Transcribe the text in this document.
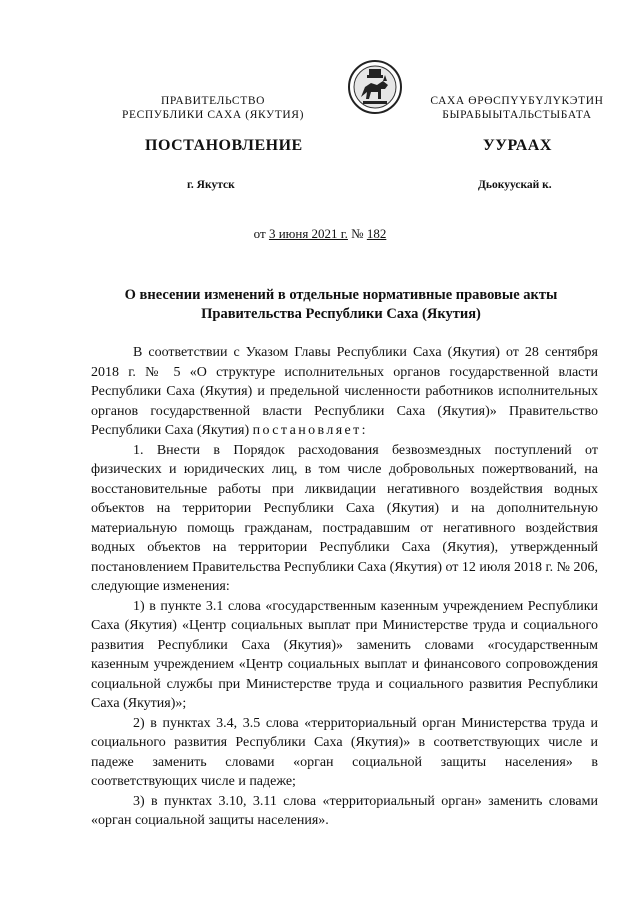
ПРАВИТЕЛЬСТВО
РЕСПУБЛИКИ САХА (ЯКУТИЯ)
САХА ӨРӨСПҮҮБҮЛҮКЭТИН
БЫРАБЫЫТАЛЬСТЫБАТА
ПОСТАНОВЛЕНИЕ	УУРААХ
г. Якутск	Дьокуускай к.
от 3 июня 2021 г. № 182
О внесении изменений в отдельные нормативные правовые акты
Правительства Республики Саха (Якутия)

В соответствии с Указом Главы Республики Саха (Якутия) от 28 сентября 2018 г. № 5 «О структуре исполнительных органов государственной власти Республики Саха (Якутия) и предельной численности работников исполнительных органов государственной власти Республики Саха (Якутия)» Правительство Республики Саха (Якутия) постановляет:

1. Внести в Порядок расходования безвозмездных поступлений от физических и юридических лиц, в том числе добровольных пожертвований, на восстановительные работы при ликвидации негативного воздействия водных объектов на территории Республики Саха (Якутия) и на дополнительную материальную помощь гражданам, пострадавшим от негативного воздействия водных объектов на территории Республики Саха (Якутия), утвержденный постановлением Правительства Республики Саха (Якутия) от 12 июля 2018 г. № 206, следующие изменения:

1) в пункте 3.1 слова «государственным казенным учреждением Республики Саха (Якутия) «Центр социальных выплат при Министерстве труда и социального развития Республики Саха (Якутия)» заменить словами «государственным казенным учреждением «Центр социальных выплат и финансового сопровождения социальной службы при Министерстве труда и социального развития Республики Саха (Якутия)»;

2) в пунктах 3.4, 3.5 слова «территориальный орган Министерства труда и социального развития Республики Саха (Якутия)» в соответствующих числе и падеже заменить словами «орган социальной защиты населения» в соответствующих числе и падеже;

3) в пунктах 3.10, 3.11 слова «территориальный орган» заменить словами «орган социальной защиты населения».
